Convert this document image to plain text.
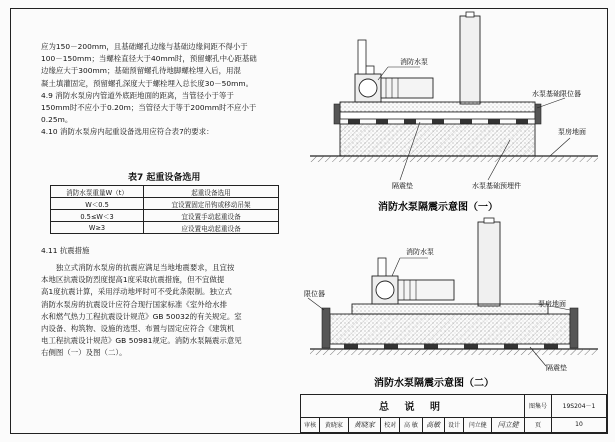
应为150－200mm，且基础螺孔边缘与基础边缘间距不得小于
100－150mm；当螺栓直径大于40mm时，预留螺孔中心距基础
边缘应大于300mm；基础预留螺孔待地脚螺栓埋入后，用混
凝土填灌固定，预留螺孔深度大于螺栓埋入总长度30－50mm。
4.9 消防水泵房内管道外底距地面的距离，当管径小于等于
150mm时不应小于0.20m；当管径大于等于200mm时不应小于
0.25m。
4.10 消防水泵房内起重设备选用应符合表7的要求：
表7 起重设备选用
消防水泵重量W（t）	起重设备选用
W＜0.5	宜设置固定吊钩或移动吊架
0.5≤W＜3	宜设置手动起重设备
W≥3	应设置电动起重设备
4.11 抗震措施
　　独立式消防水泵房的抗震应满足当地地震要求，且宜按
本地区抗震设防烈度提高1度采取抗震措施，但不宜做提
高1度抗震计算，采用浮动地坪时可不受此条限制。独立式
消防水泵房的抗震设计应符合现行国家标准《室外给水排
水和燃气热力工程抗震设计规范》GB 50032的有关规定。室
内设备、构筑物、设施的选型、布置与固定应符合《建筑机
电工程抗震设计规范》GB 50981规定。消防水泵隔震示意见
右侧图（一）及图（二）。
消防水泵
水泵基础限位器
泵房地面
隔震垫	水泵基础预埋件
消防水泵隔震示意图（一）
消防水泵
限位器
泵房地面
隔震垫
消防水泵隔震示意图（二）
总 说 明									图集号	19S204－1
审核	黄晓家	黄晓家	校对	高 敏	高敏	设计	闫立健	闫立健	页	10
